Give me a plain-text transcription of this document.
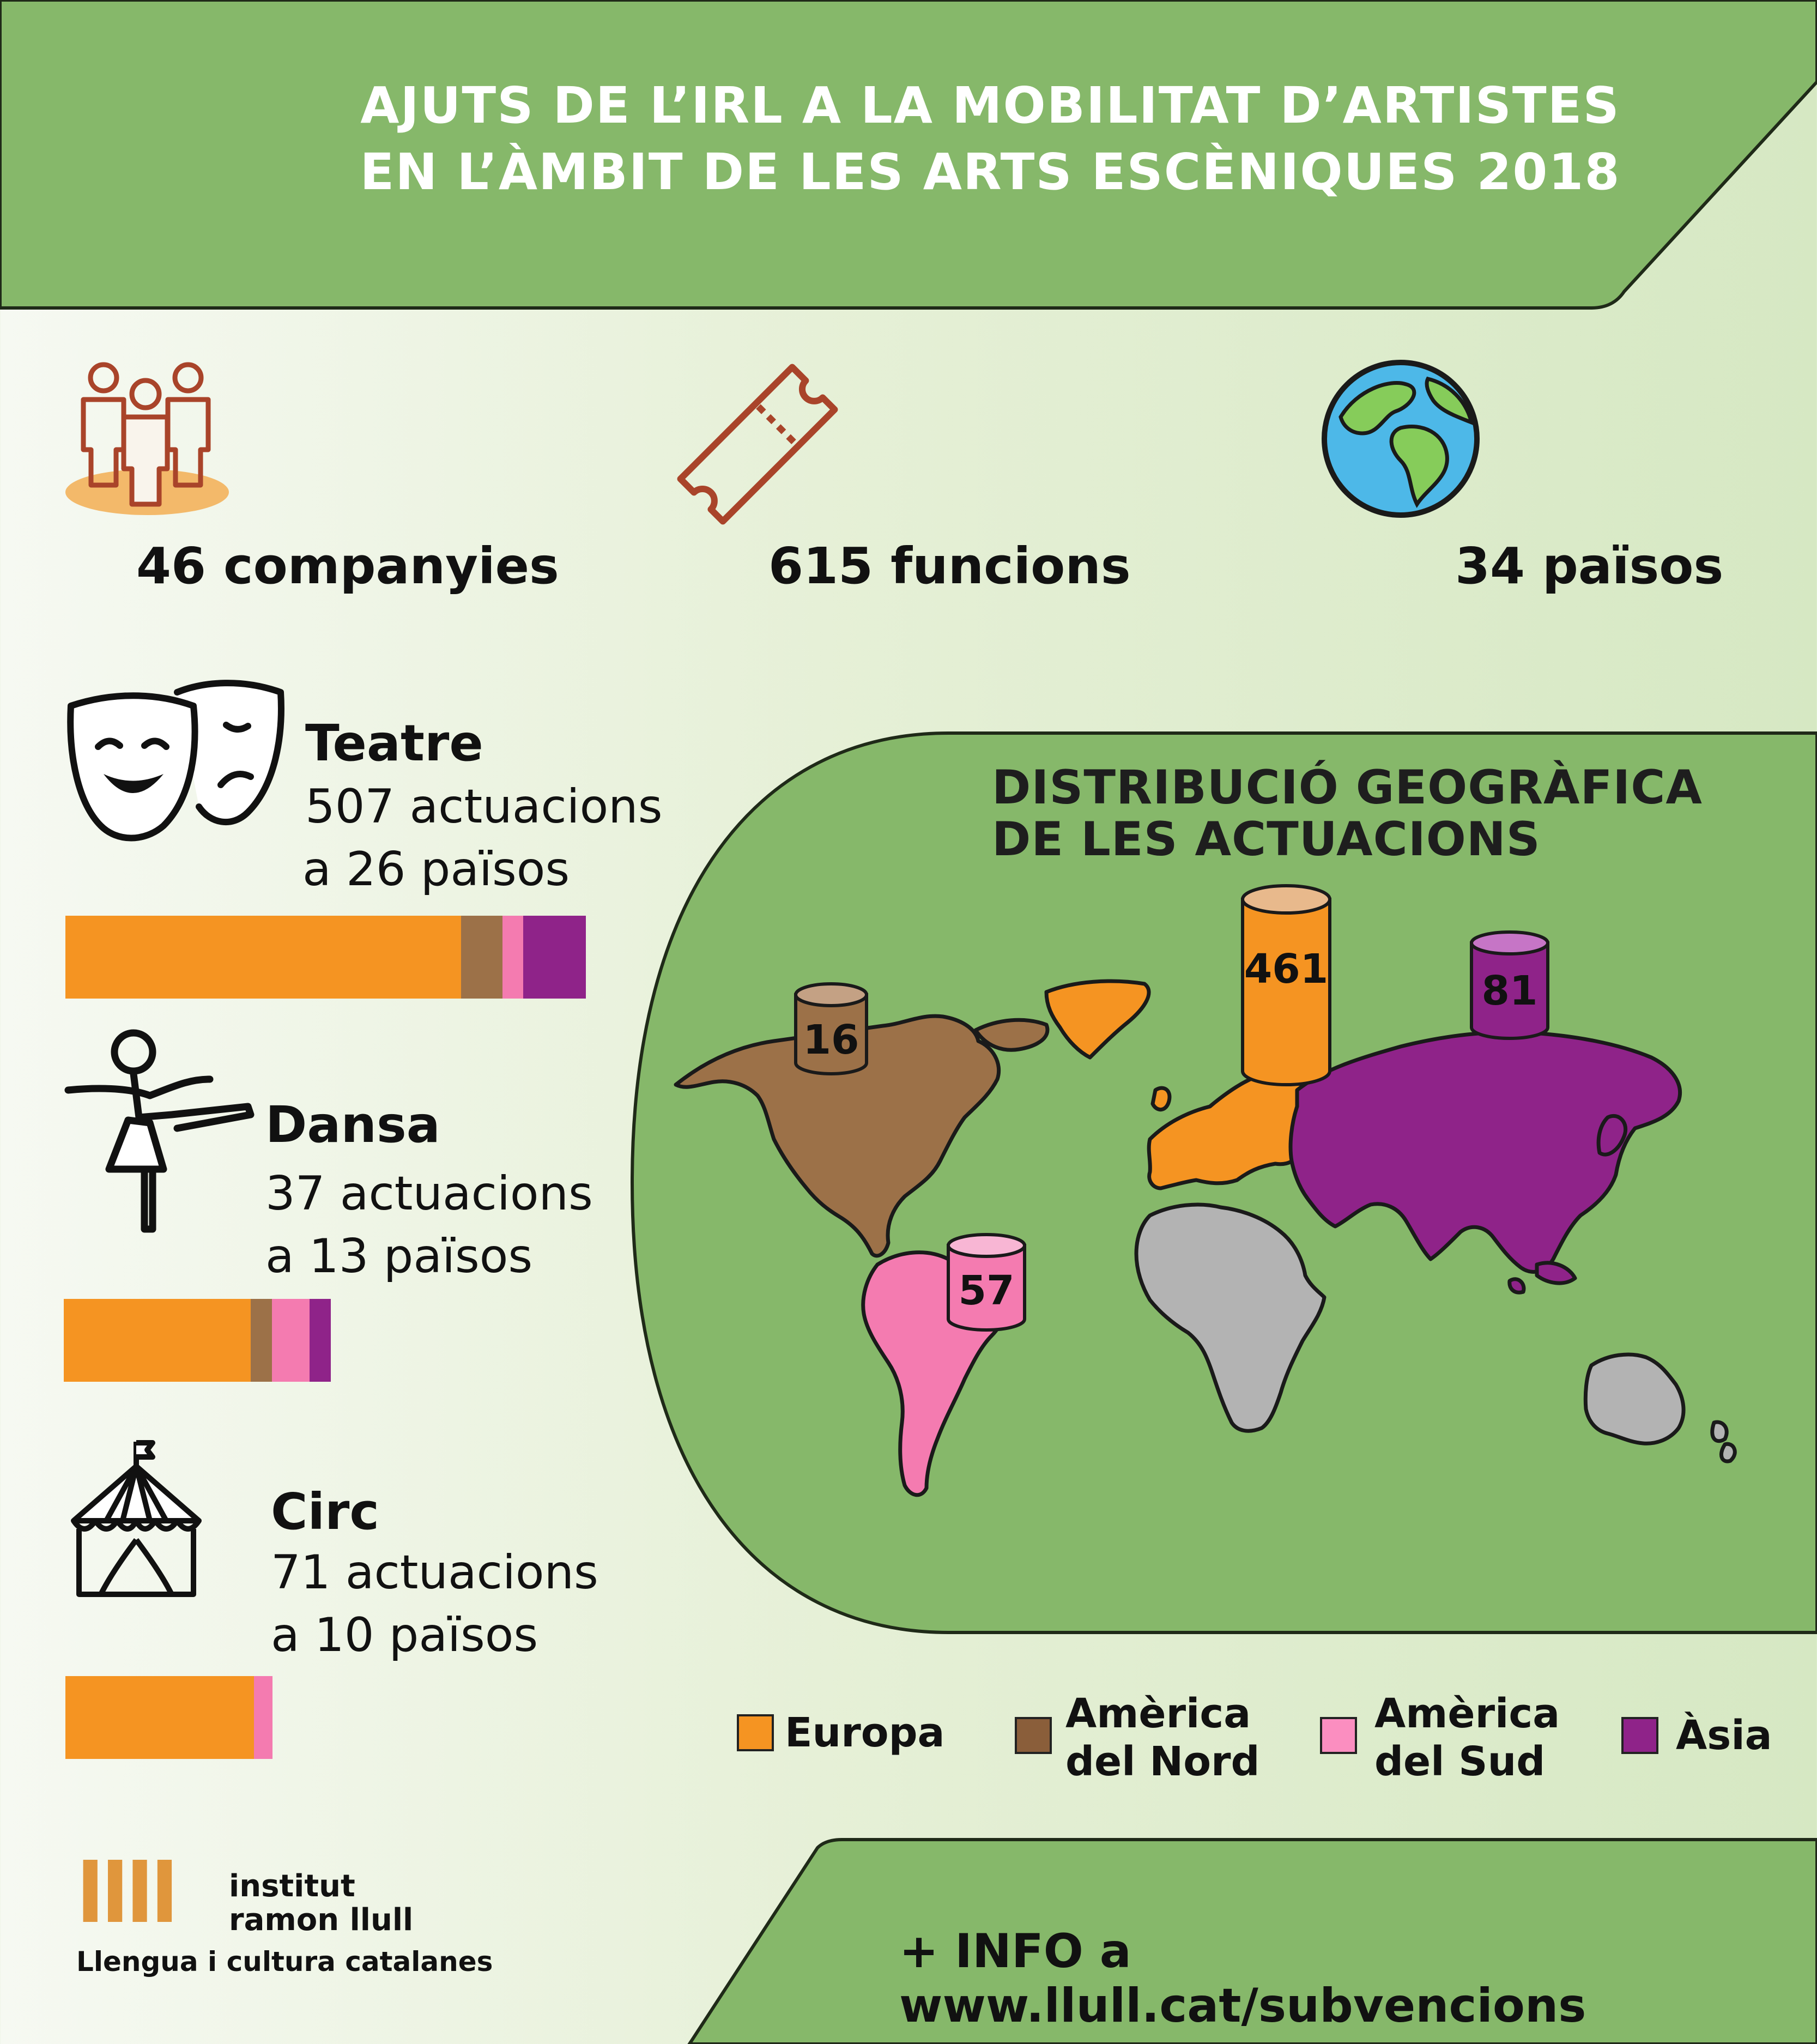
AJUTS DE L’IRL A LA MOBILITAT D’ARTISTES
EN L’ÀMBIT DE LES ARTS ESCÈNIQUES 2018
46 companyies	615 funcions	34 països
Teatre
507 actuacions
a 26 països
Dansa
37 actuacions
a 13 països
Circ
71 actuacions
a 10 països
DISTRIBUCIÓ GEOGRÀFICA
DE LES ACTUACIONS
16
461	81
57
Europa	Amèrica
del Nord
Amèrica
del Sud
Àsia
llll institut
ramon llull
Llengua i cultura catalanes	+ INFO a www.llull.cat/subvencions
